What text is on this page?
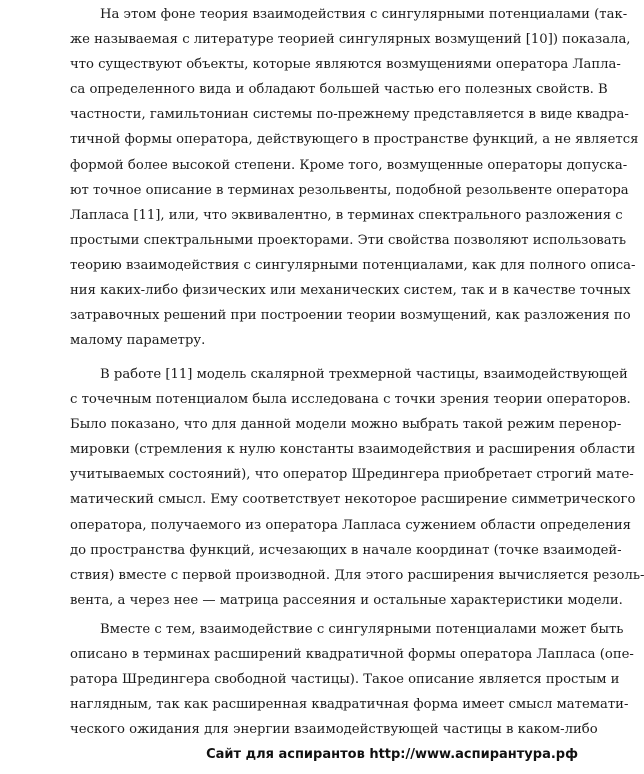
На этом фоне теория взаимодействия с сингулярными потенциалами (так-
же называемая с литературе теорией сингулярных возмущений [10]) показала,
что существуют объекты, которые являются возмущениями оператора Лапла-
са определенного вида и обладают большей частью его полезных свойств. В
частности, гамильтониан системы по-прежнему представляется в виде квадра-
тичной формы оператора, действующего в пространстве функций, а не является
формой более высокой степени. Кроме того, возмущенные операторы допуска-
ют точное описание в терминах резольвенты, подобной резольвенте оператора
Лапласа [11], или, что эквивалентно, в терминах спектрального разложения с
простыми спектральными проекторами. Эти свойства позволяют использовать
теорию взаимодействия с сингулярными потенциалами, как для полного описа-
ния каких-либо физических или механических систем, так и в качестве точных
затравочных решений при построении теории возмущений, как разложения по
малому параметру.
В работе [11] модель скалярной трехмерной частицы, взаимодействующей
с точечным потенциалом была исследована с точки зрения теории операторов.
Было показано, что для данной модели можно выбрать такой режим перенор-
мировки (стремления к нулю константы взаимодействия и расширения области
учитываемых состояний), что оператор Шредингера приобретает строгий мате-
матический смысл. Ему соответствует некоторое расширение симметрического
оператора, получаемого из оператора Лапласа сужением области определения
до пространства функций, исчезающих в начале координат (точке взаимодей-
ствия) вместе с первой производной. Для этого расширения вычисляется резоль-
вента, а через нее — матрица рассеяния и остальные характеристики модели.
Вместе с тем, взаимодействие с сингулярными потенциалами может быть
описано в терминах расширений квадратичной формы оператора Лапласа (опе-
ратора Шредингера свободной частицы). Такое описание является простым и
наглядным, так как расширенная квадратичная форма имеет смысл математи-
ческого ожидания для энергии взаимодействующей частицы в каком-либо
Сайт для аспирантов http://www.аспирантура.рф
